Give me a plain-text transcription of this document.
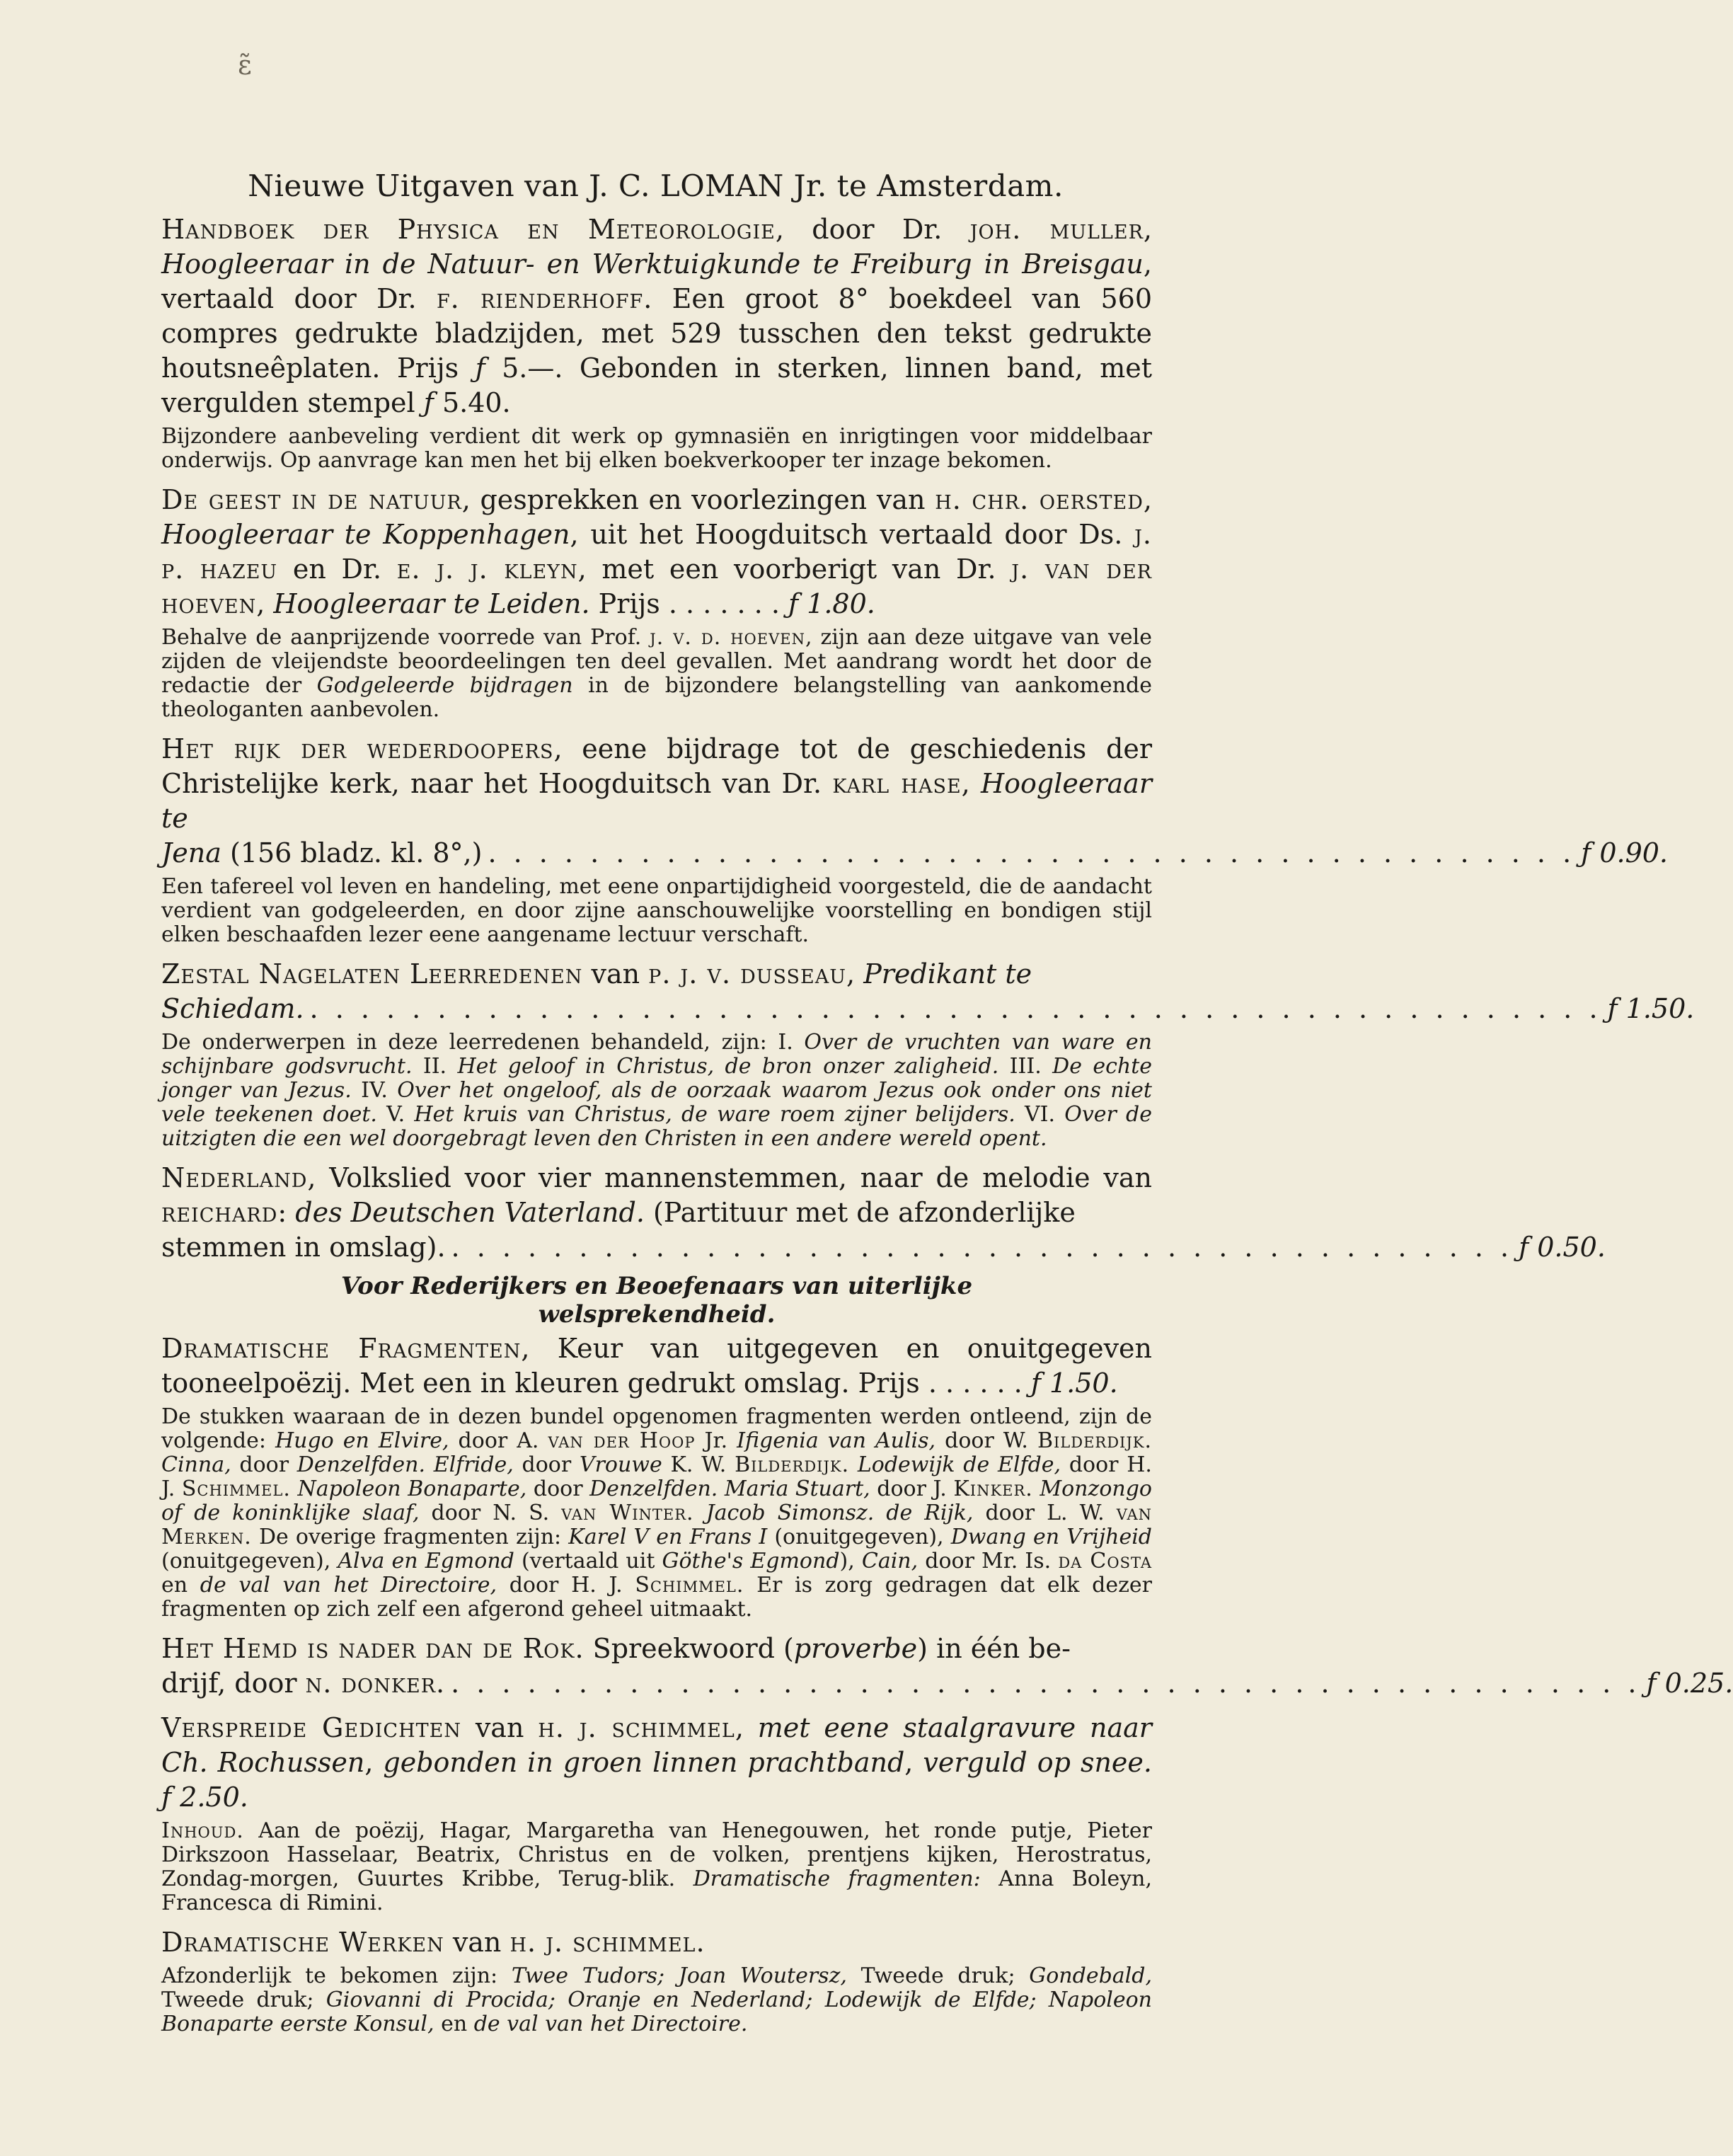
ɛ̃
Nieuwe Uitgaven van J. C. LOMAN Jr. te Amsterdam.

Handboek der Physica en Meteorologie, door Dr. joh. muller, Hoogleeraar in de Natuur- en Werktuigkunde te Freiburg in Breisgau, vertaald door Dr. f. rienderhoff. Een groot 8° boekdeel van 560 compres gedrukte bladzijden, met 529 tusschen den tekst gedrukte houtsneêplaten. Prijs ƒ 5.—. Gebonden in sterken, linnen band, met vergulden stempel ƒ 5.40.

Bijzondere aanbeveling verdient dit werk op gymnasiën en inrigtingen voor middelbaar onderwijs. Op aanvrage kan men het bij elken boekverkooper ter inzage bekomen.

De geest in de natuur, gesprekken en voorlezingen van h. chr. oersted, Hoogleeraar te Koppenhagen, uit het Hoogduitsch vertaald door Ds. j. p. hazeu en Dr. e. j. j. kleyn, met een voorberigt van Dr. j. van der hoeven, Hoogleeraar te Leiden. Prijs . . . . . . . ƒ 1.80.

Behalve de aanprijzende voorrede van Prof. j. v. d. hoeven, zijn aan deze uitgave van vele zijden de vleijendste beoordeelingen ten deel gevallen. Met aandrang wordt het door de redactie der Godgeleerde bijdragen in de bijzondere belangstelling van aankomende theologanten aanbevolen.

Het rijk der wederdoopers, eene bijdrage tot de geschiedenis der Christelijke kerk, naar het Hoogduitsch van Dr. karl hase, Hoogleeraar te

Jena (156 bladz. kl. 8°,) . . . . . . . . . . . . . . . . . . . . . . . . . . . . . . . . . . . . . . . . . . . ƒ 0.90.

Een tafereel vol leven en handeling, met eene onpartijdigheid voorgesteld, die de aandacht verdient van godgeleerden, en door zijne aanschouwelijke voorstelling en bondigen stijl elken beschaafden lezer eene aangename lectuur verschaft.

Zestal Nagelaten Leerredenen van p. j. v. dusseau, Predikant te

Schiedam. . . . . . . . . . . . . . . . . . . . . . . . . . . . . . . . . . . . . . . . . . . . . . . . . . . . ƒ 1.50.

De onderwerpen in deze leerredenen behandeld, zijn: I. Over de vruchten van ware en schijnbare godsvrucht. II. Het geloof in Christus, de bron onzer zaligheid. III. De echte jonger van Jezus. IV. Over het ongeloof, als de oorzaak waarom Jezus ook onder ons niet vele teekenen doet. V. Het kruis van Christus, de ware roem zijner belijders. VI. Over de uitzigten die een wel doorgebragt leven den Christen in een andere wereld opent.

Nederland, Volkslied voor vier mannenstemmen, naar de melodie van reichard: des Deutschen Vaterland. (Partituur met de afzonderlijke

stemmen in omslag). . . . . . . . . . . . . . . . . . . . . . . . . . . . . . . . . . . . . . . . . . . ƒ 0.50.
Voor Rederijkers en Beoefenaars van uiterlijke
welsprekendheid.

Dramatische Fragmenten, Keur van uitgegeven en onuitgegeven tooneelpoëzij. Met een in kleuren gedrukt omslag. Prijs . . . . . . ƒ 1.50.

De stukken waaraan de in dezen bundel opgenomen fragmenten werden ontleend, zijn de volgende: Hugo en Elvire, door A. van der Hoop Jr. Ifigenia van Aulis, door W. Bilderdijk. Cinna, door Denzelfden. Elfride, door Vrouwe K. W. Bilderdijk. Lodewijk de Elfde, door H. J. Schimmel. Napoleon Bonaparte, door Denzelfden. Maria Stuart, door J. Kinker. Monzongo of de koninklijke slaaf, door N. S. van Winter. Jacob Simonsz. de Rijk, door L. W. van Merken. De overige fragmenten zijn: Karel V en Frans I (onuitgegeven), Dwang en Vrijheid (onuitgegeven), Alva en Egmond (vertaald uit Göthe's Egmond), Cain, door Mr. Is. da Costa en de val van het Directoire, door H. J. Schimmel. Er is zorg gedragen dat elk dezer fragmenten op zich zelf een afgerond geheel uitmaakt.

Het Hemd is nader dan de Rok. Spreekwoord (proverbe) in één be-

drijf, door n. donker. . . . . . . . . . . . . . . . . . . . . . . . . . . . . . . . . . . . . . . . . . . . . . . . ƒ 0.25.

Verspreide Gedichten van h. j. schimmel, met eene staalgravure naar Ch. Rochussen, gebonden in groen linnen prachtband, verguld op snee. ƒ 2.50.

Inhoud. Aan de poëzij, Hagar, Margaretha van Henegouwen, het ronde putje, Pieter Dirkszoon Hasselaar, Beatrix, Christus en de volken, prentjens kijken, Herostratus, Zondag-morgen, Guurtes Kribbe, Terug-blik. Dramatische fragmenten: Anna Boleyn, Francesca di Rimini.

Dramatische Werken van h. j. schimmel.

Afzonderlijk te bekomen zijn: Twee Tudors; Joan Woutersz, Tweede druk; Gondebald, Tweede druk; Giovanni di Procida; Oranje en Nederland; Lodewijk de Elfde; Napoleon Bonaparte eerste Konsul, en de val van het Directoire.
